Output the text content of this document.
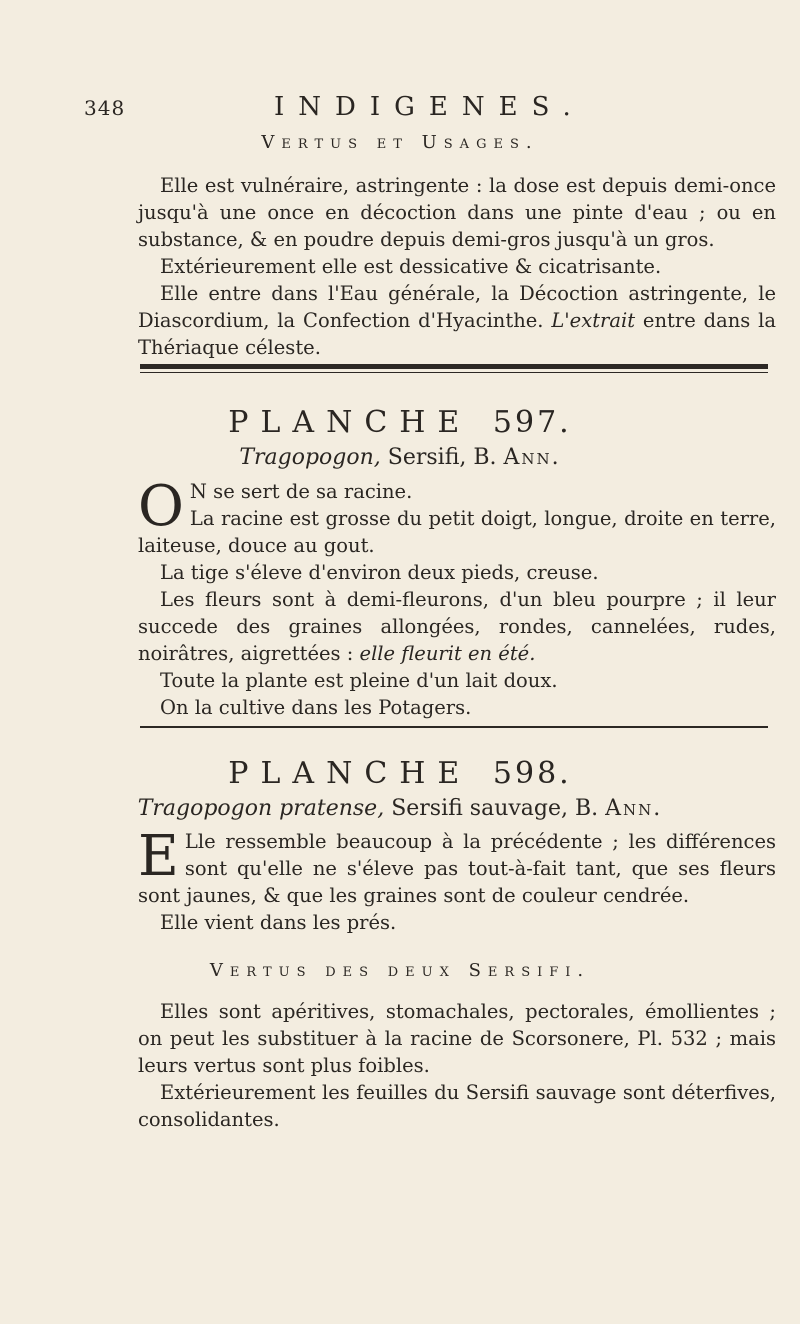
348	INDIGENES.
Vertus et Usages.

Elle est vulnéraire, astringente : la dose est depuis demi-once jusqu'à une once en décoction dans une pinte d'eau ; ou en substance, & en poudre depuis demi-gros jusqu'à un gros.

Extérieurement elle est dessicative & cicatrisante.

Elle entre dans l'Eau générale, la Décoction astringente, le Diascordium, la Confection d'Hyacinthe. L'extrait entre dans la Thériaque céleste.

PLANCHE 597.
Tragopogon, Sersifi, B. Ann.
O N se sert de sa racine.

La racine est grosse du petit doigt, longue, droite en terre, laiteuse, douce au gout.

La tige s'éleve d'environ deux pieds, creuse.

Les fleurs sont à demi-fleurons, d'un bleu pourpre ; il leur succede des graines allongées, rondes, cannelées, rudes, noirâtres, aigrettées : elle fleurit en été.

Toute la plante est pleine d'un lait doux.

On la cultive dans les Potagers.

PLANCHE 598.
Tragopogon pratense, Sersifi sauvage, B. Ann.
E Lle ressemble beaucoup à la précédente ; les différences sont qu'elle ne s'éleve pas tout-à-fait tant, que ses fleurs sont jaunes, & que les graines sont de couleur cendrée.

Elle vient dans les prés.

Vertus des deux Sersifi.

Elles sont apéritives, stomachales, pectorales, émollientes ; on peut les substituer à la racine de Scorsonere, Pl. 532 ; mais leurs vertus sont plus foibles.

Extérieurement les feuilles du Sersifi sauvage sont déterfives, consolidantes.
